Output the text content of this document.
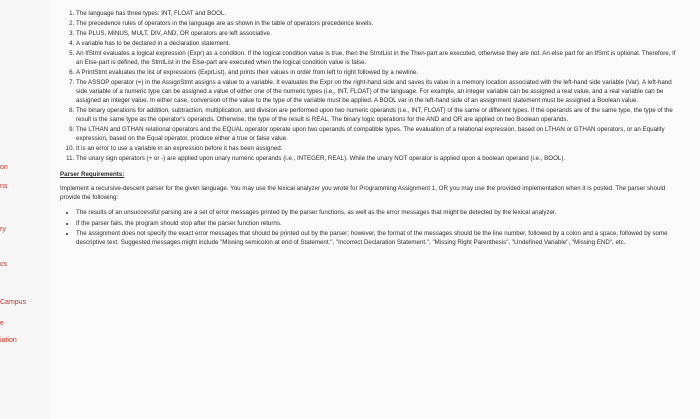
on
ns
ry
cs
Campus
e
iation
1. The language has three types: INT, FLOAT and BOOL.
2. The precedence rules of operators in the language are as shown in the table of operators precedence levels.
3. The PLUS, MINUS, MULT, DIV, AND, OR operators are left associative.
4. A variable has to be declared in a declaration statement.
5. An IfStmt evaluates a logical expression (Expr) as a condition. If the logical condition value is true, then the StmtList in the Then-part are executed, otherwise they are not. An else part for an IfSmt is optional. Therefore, If an Else-part is defined, the StmtList in the Else-part are executed when the logical condition value is false.
6. A PrintStmt evaluates the list of expressions (ExprList), and prints their values in order from left to right followed by a newline.
7. The ASSOP operator (=) in the AssignStmt assigns a value to a variable. It evaluates the Expr on the right-hand side and saves its value in a memory location associated with the left-hand side variable (Var). A left-hand side variable of a numeric type can be assigned a value of either one of the numeric types (i.e., INT, FLOAT) of the language. For example, an integer variable can be assigned a real value, and a real variable can be assigned an integer value. In either case, conversion of the value to the type of the variable must be applied. A BOOL var in the left-hand side of an assignment statement must be assigned a Boolean value.
8. The binary operations for addition, subtraction, multiplication, and division are performed upon two numeric operands (i.e., INT, FLOAT) of the same or different types. If the operands are of the same type, the type of the result is the same type as the operator's operands. Otherwise, the type of the result is REAL. The binary logic operations for the AND and OR are applied on two Boolean operands.
9. The LTHAN and GTHAN relational operators and the EQUAL operator operate upon two operands of compatible types. The evaluation of a relational expression, based on LTHAN or GTHAN operators, or an Equality expression, based on the Equal operator, produce either a true or false value.
10. It is an error to use a variable in an expression before it has been assigned.
11. The unary sign operators (+ or -) are applied upon unary numeric operands (i.e., INTEGER, REAL). While the unary NOT operator is applied upon a boolean operand (i.e., BOOL).
Parser Requirements:
Implement a recursive-descent parser for the given language. You may use the lexical analyzer you wrote for Programming Assignment 1, OR you may use the provided implementation when it is posted. The parser should provide the following:
• The results of an unsuccessful parsing are a set of error messages printed by the parser functions, as well as the error messages that might be detected by the lexical analyzer.
• If the parser fails, the program should stop after the parser function returns.
• The assignment does not specify the exact error messages that should be printed out by the parser; however, the format of the messages should be the line number, followed by a colon and a space, followed by some descriptive text. Suggested messages might include "Missing semicolon at end of Statement.", "Incorrect Declaration Statement.", "Missing Right Parenthesis", "Undefined Variable", "Missing END", etc.
